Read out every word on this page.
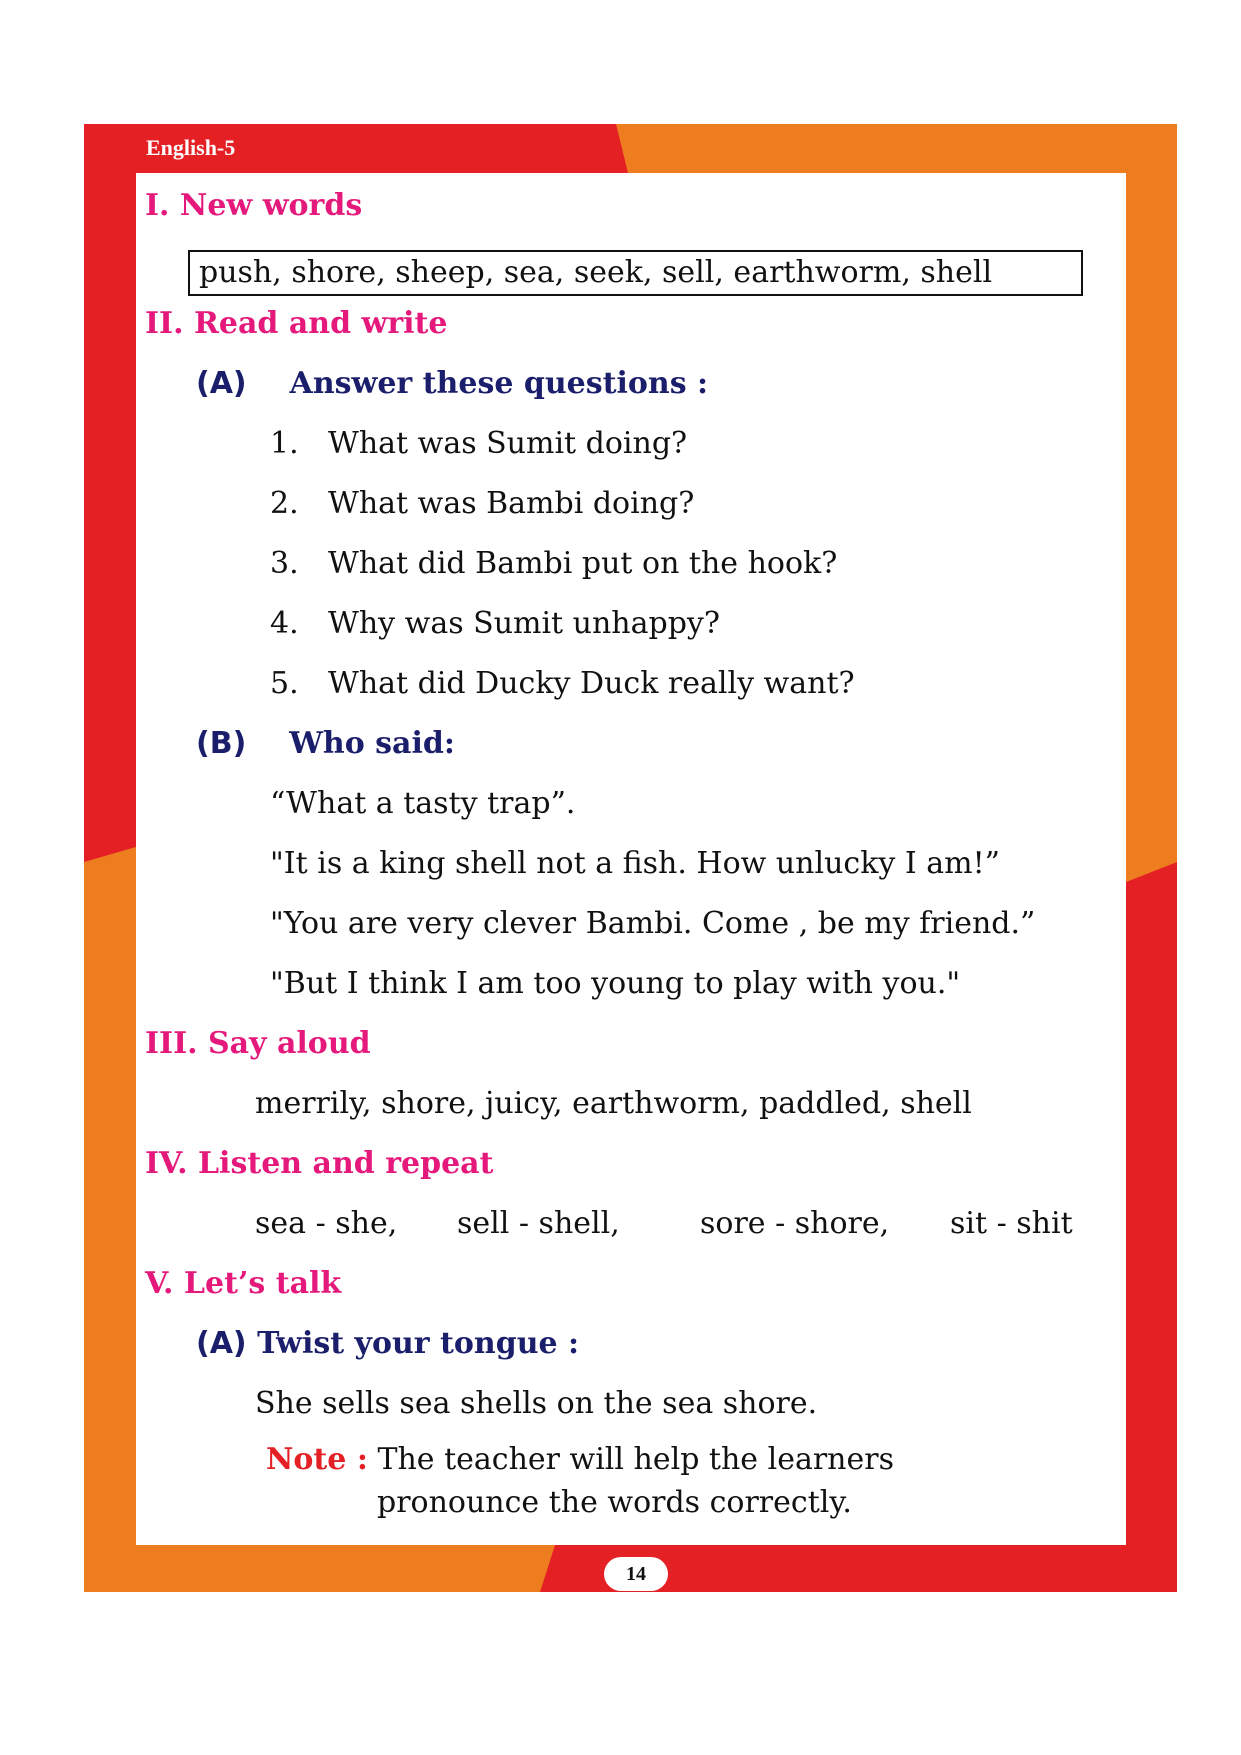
English-5
I. New words
push, shore, sheep, sea, seek, sell, earthworm, shell
II. Read and write
(A) Answer these questions :
1. What was Sumit doing?
2. What was Bambi doing?
3. What did Bambi put on the hook?
4. Why was Sumit unhappy?
5. What did Ducky Duck really want?
(B) Who said:
“What a tasty trap”.
"It is a king shell not a fish. How unlucky I am!”
"You are very clever Bambi. Come , be my friend.”
"But I think I am too young to play with you."
III. Say aloud
merrily, shore, juicy, earthworm, paddled, shell
IV. Listen and repeat
sea - she, sell - shell,	sore - shore, sit - shit
V. Let’s talk
(A) Twist your tongue :
She sells sea shells on the sea shore.
Note : The teacher will help the learners
pronounce the words correctly.
14
